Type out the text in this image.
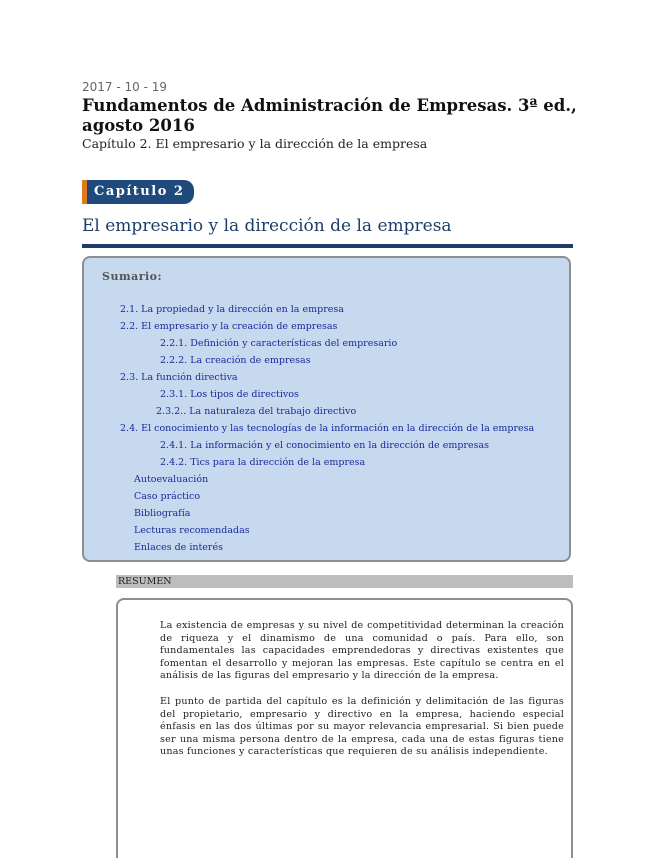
2017 - 10 - 19
Fundamentos de Administración de Empresas. 3ª ed., agosto 2016
Capítulo 2. El empresario y la dirección de la empresa
Capítulo 2
El empresario y la dirección de la empresa
Sumario:
2.1. La propiedad y la dirección en la empresa
2.2. El empresario y la creación de empresas
2.2.1. Definición y características del empresario
2.2.2. La creación de empresas
2.3. La función directiva
2.3.1. Los tipos de directivos
2.3.2.. La naturaleza del trabajo directivo
2.4. El conocimiento y las tecnologías de la información en la dirección de la empresa
2.4.1. La información y el conocimiento en la dirección de empresas
2.4.2. Tics para la dirección de la empresa
Autoevaluación
Caso práctico
Bibliografía
Lecturas recomendadas
Enlaces de interés
RESUMEN

La existencia de empresas y su nivel de competitividad determinan la creación de riqueza y el dinamismo de una comunidad o país. Para ello, son fundamentales las capacidades emprendedoras y directivas existentes que fomentan el desarrollo y mejoran las empresas. Este capítulo se centra en el análisis de las figuras del empresario y la dirección de la empresa.

El punto de partida del capítulo es la definición y delimitación de las figuras del propietario, empresario y directivo en la empresa, haciendo especial énfasis en las dos últimas por su mayor relevancia empresarial. Si bien puede ser una misma persona dentro de la empresa, cada una de estas figuras tiene unas funciones y características que requieren de su análisis independiente.
